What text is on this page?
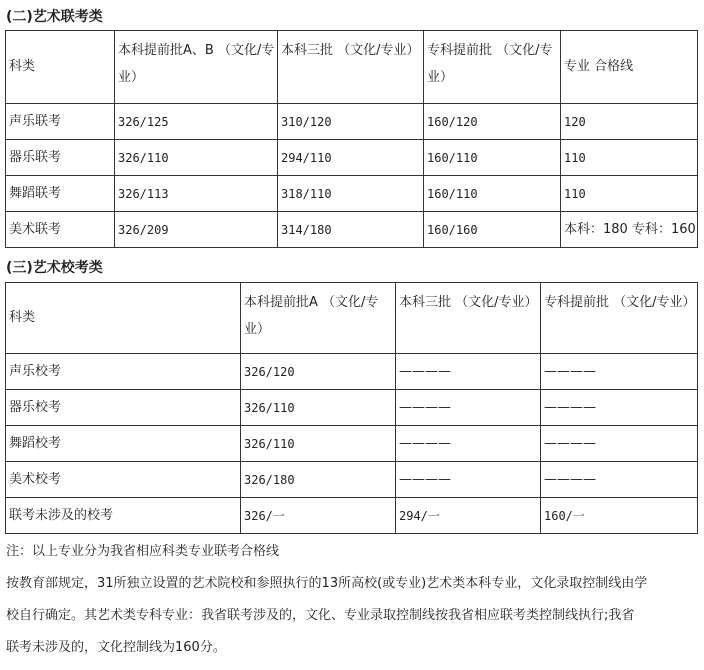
(二)艺术联考类
科类	本科提前批A、B （文化/专业）	本科三批 （文化/专业）	专科提前批 （文化/专业）	专业 合格线
声乐联考	326/125	310/120	160/120	120
器乐联考	326/110	294/110	160/110	110
舞蹈联考	326/113	318/110	160/110	110
美术联考	326/209	314/180	160/160	本科：180 专科：160
(三)艺术校考类
科类	本科提前批A （文化/专业）	本科三批 （文化/专业）	专科提前批 （文化/专业）
声乐校考	326/120	————	————
器乐校考	326/110	————	————
舞蹈校考	326/110	————	————
美术校考	326/180	————	————
联考未涉及的校考	326/一	294/一	160/一

注：以上专业分为我省相应科类专业联考合格线

按教育部规定，31所独立设置的艺术院校和参照执行的13所高校(或专业)艺术类本科专业，文化录取控制线由学

校自行确定。其艺术类专科专业：我省联考涉及的，文化、专业录取控制线按我省相应联考类控制线执行;我省

联考未涉及的，文化控制线为160分。
